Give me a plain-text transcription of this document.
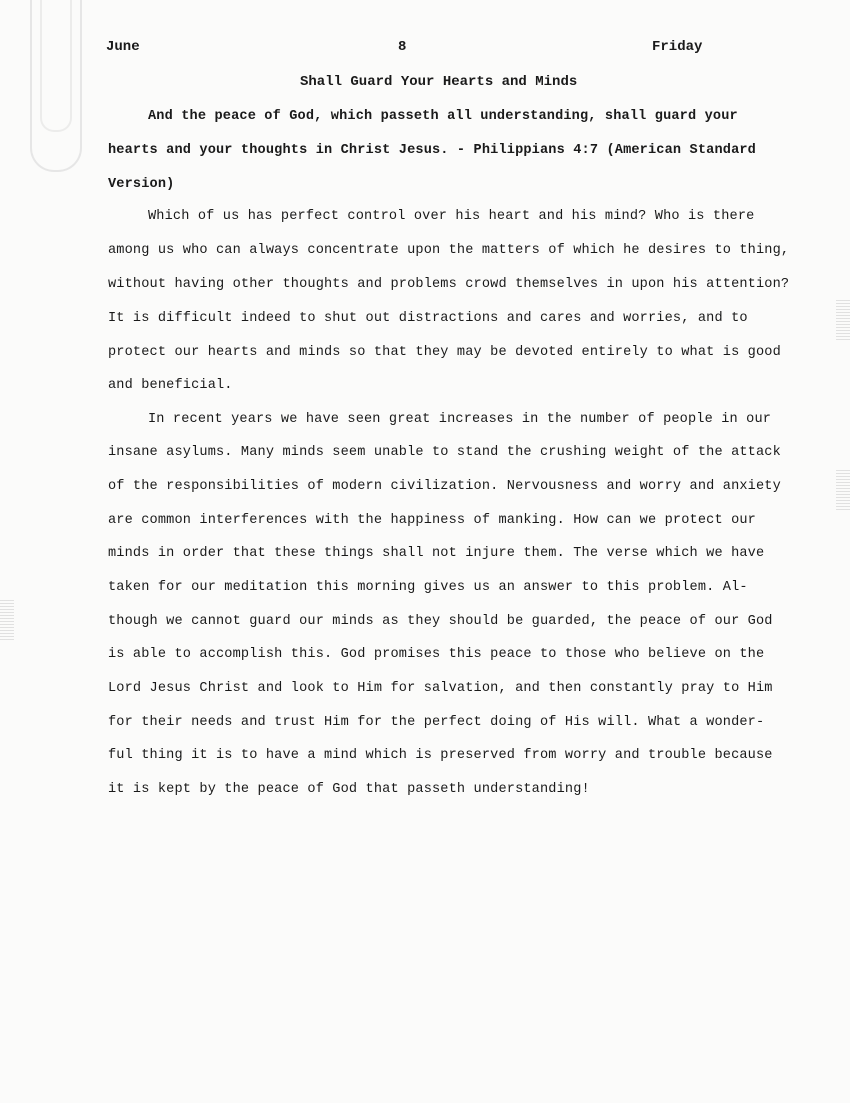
June	8	Friday
Shall Guard Your Hearts and Minds
And the peace of God, which passeth all understanding, shall guard your
hearts and your thoughts in Christ Jesus. - Philippians 4:7 (American Standard
Version)
Which of us has perfect control over his heart and his mind? Who is there
among us who can always concentrate upon the matters of which he desires to thing,
without having other thoughts and problems crowd themselves in upon his attention?
It is difficult indeed to shut out distractions and cares and worries, and to
protect our hearts and minds so that they may be devoted entirely to what is good
and beneficial.
In recent years we have seen great increases in the number of people in our
insane asylums. Many minds seem unable to stand the crushing weight of the attack
of the responsibilities of modern civilization. Nervousness and worry and anxiety
are common interferences with the happiness of manking. How can we protect our
minds in order that these things shall not injure them. The verse which we have
taken for our meditation this morning gives us an answer to this problem. Al-
though we cannot guard our minds as they should be guarded, the peace of our God
is able to accomplish this. God promises this peace to those who believe on the
Lord Jesus Christ and look to Him for salvation, and then constantly pray to Him
for their needs and trust Him for the perfect doing of His will. What a wonder-
ful thing it is to have a mind which is preserved from worry and trouble because
it is kept by the peace of God that passeth understanding!
